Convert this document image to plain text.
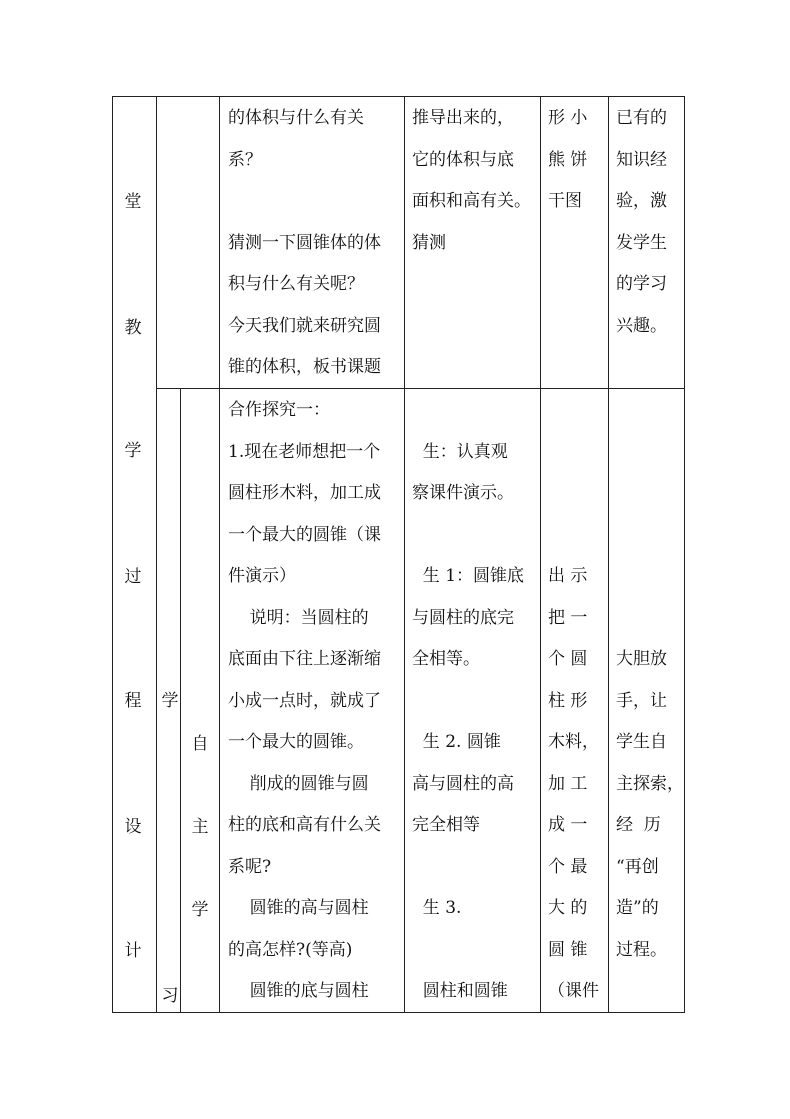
堂
教
学
过
程
设
计
学
习
自
主
学

的体积与什么有关

系？

猜测一下圆锥体的体

积与什么有关呢？

今天我们就来研究圆

锥的体积，板书课题

推导出来的，

它的体积与底

面积和高有关。

猜测

形 小

熊 饼

干图

已有的

知识经

验，激

发学生

的学习

兴趣。

合作探究一：

1.现在老师想把一个

圆柱形木料，加工成

一个最大的圆锥（课

件演示）

说明：当圆柱的

底面由下往上逐渐缩

小成一点时，就成了

一个最大的圆锥。

削成的圆锥与圆

柱的底和高有什么关

系呢?

圆锥的高与圆柱

的高怎样?(等高)

圆锥的底与圆柱

生：认真观

察课件演示。

生 1：圆锥底

与圆柱的底完

全相等。

生 2. 圆锥

高与圆柱的高

完全相等

生 3.

圆柱和圆锥

出 示

把 一

个 圆

柱 形

木料，

加 工

成 一

个 最

大 的

圆 锥

（课件

大胆放

手，让

学生自

主探索，

经  历

“再创

造”的

过程。
